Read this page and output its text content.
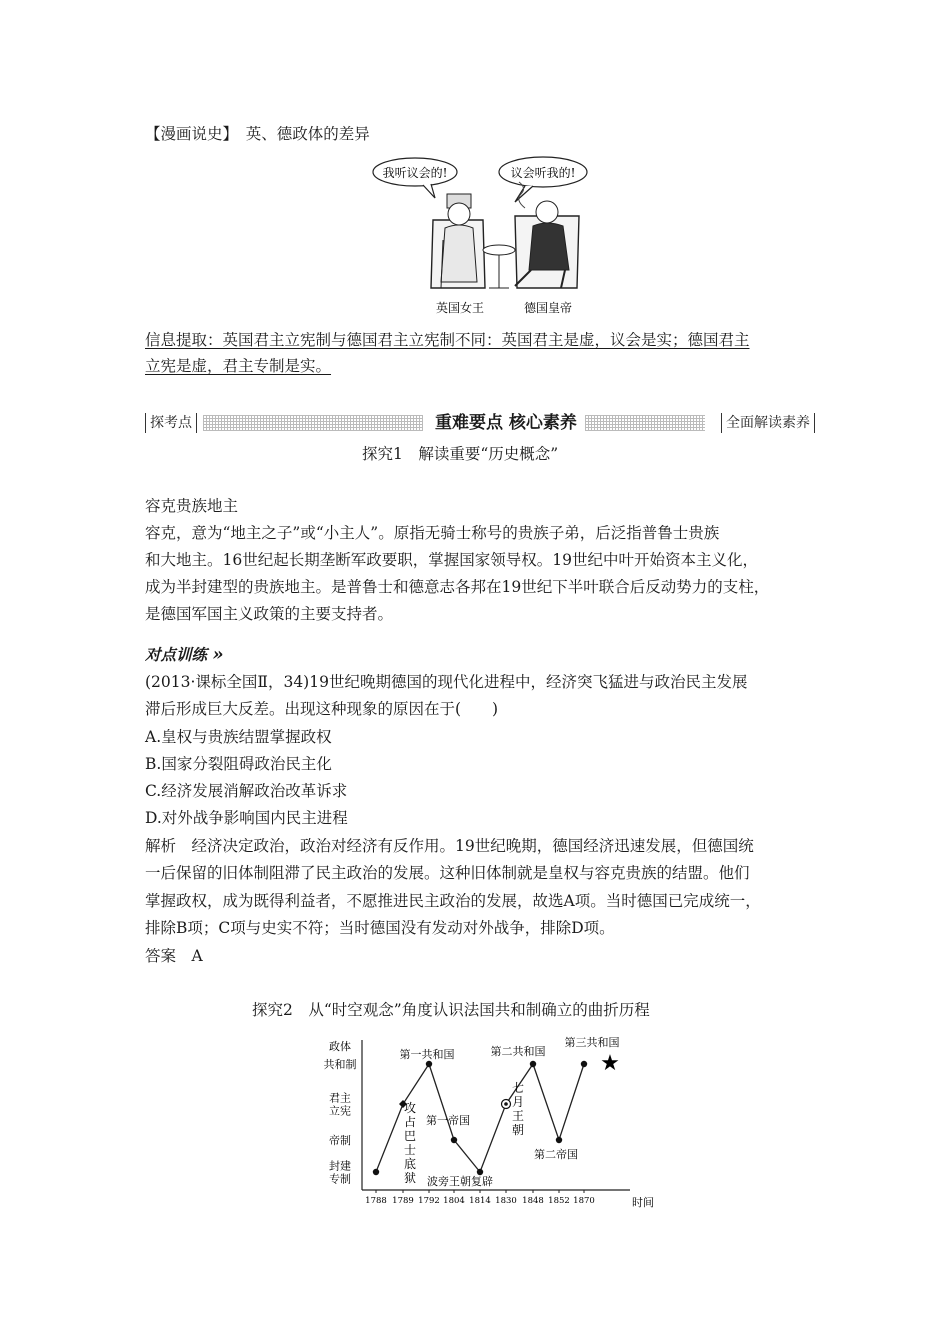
【漫画说史】　 英、德政体的差异
我听议会的!	议会听我的!
英国女王	德国皇帝
信息提取：英国君主立宪制与德国君主立宪制不同：英国君主是虚，议会是实；德国君主
立宪是虚，君主专制是实。
探考点	重难要点 核心素养	全面解读素养
探究1　解读重要“历史概念”
容克贵族地主
容克，意为“地主之子”或“小主人”。原指无骑士称号的贵族子弟，后泛指普鲁士贵族
和大地主。16世纪起长期垄断军政要职，掌握国家领导权。19世纪中叶开始资本主义化，
成为半封建型的贵族地主。是普鲁士和德意志各邦在19世纪下半叶联合后反动势力的支柱，
是德国军国主义政策的主要支持者。
对点训练 »
(2013·课标全国Ⅱ，34)19世纪晚期德国的现代化进程中，经济突飞猛进与政治民主发展
滞后形成巨大反差。出现这种现象的原因在于(　　)
A.皇权与贵族结盟掌握政权
B.国家分裂阻碍政治民主化
C.经济发展消解政治改革诉求
D.对外战争影响国内民主进程
解析　经济决定政治，政治对经济有反作用。19世纪晚期，德国经济迅速发展，但德国统
一后保留的旧体制阻滞了民主政治的发展。这种旧体制就是皇权与容克贵族的结盟。他们
掌握政权，成为既得利益者，不愿推进民主政治的发展，故选A项。当时德国已完成统一，
排除B项；C项与史实不符；当时德国没有发动对外战争，排除D项。
答案　A
探究2　从“时空观念”角度认识法国共和制确立的曲折历程
政体
时间
封建
专制
帝制
君主
立宪
共和制
1788 1789 1792 1804 1814 1830 1848 1852 1870
第一共和国	第二共和国
第三共和国
★
第一帝国
第二帝国
波旁王朝复辟
攻
占
巴
士
底
狱
七
月
王
朝
